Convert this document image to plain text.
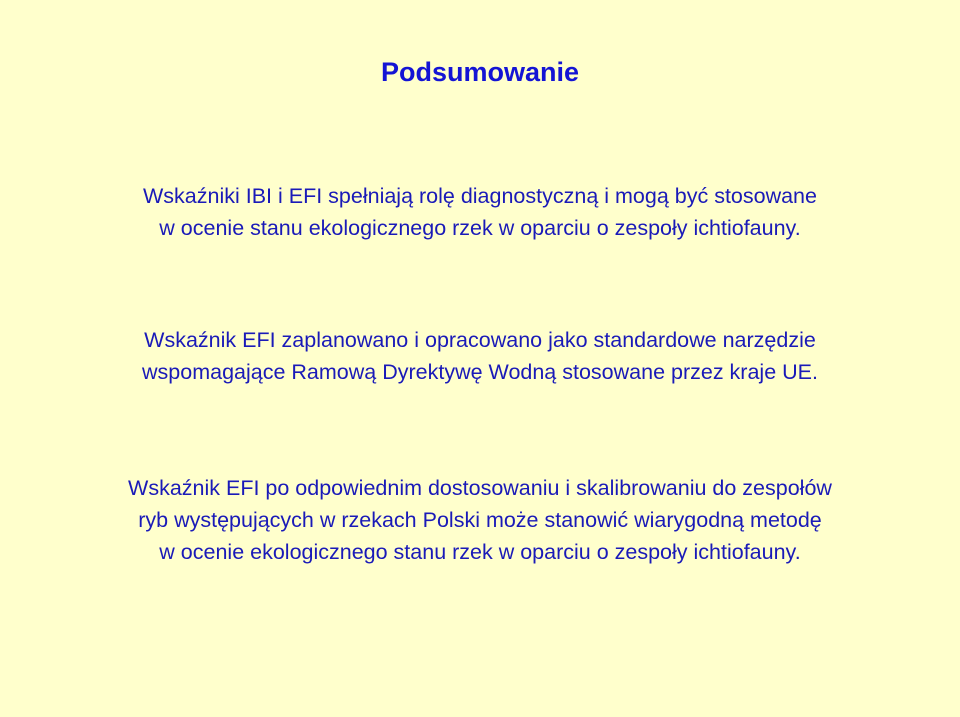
Podsumowanie

Wskaźniki IBI i EFI spełniają rolę diagnostyczną i mogą być stosowane
w ocenie stanu ekologicznego rzek w oparciu o zespoły ichtiofauny.

Wskaźnik EFI zaplanowano i opracowano jako standardowe narzędzie
wspomagające Ramową Dyrektywę Wodną stosowane przez kraje UE.

Wskaźnik EFI po odpowiednim dostosowaniu i skalibrowaniu do zespołów
ryb występujących w rzekach Polski może stanowić wiarygodną metodę
w ocenie ekologicznego stanu rzek w oparciu o zespoły ichtiofauny.
